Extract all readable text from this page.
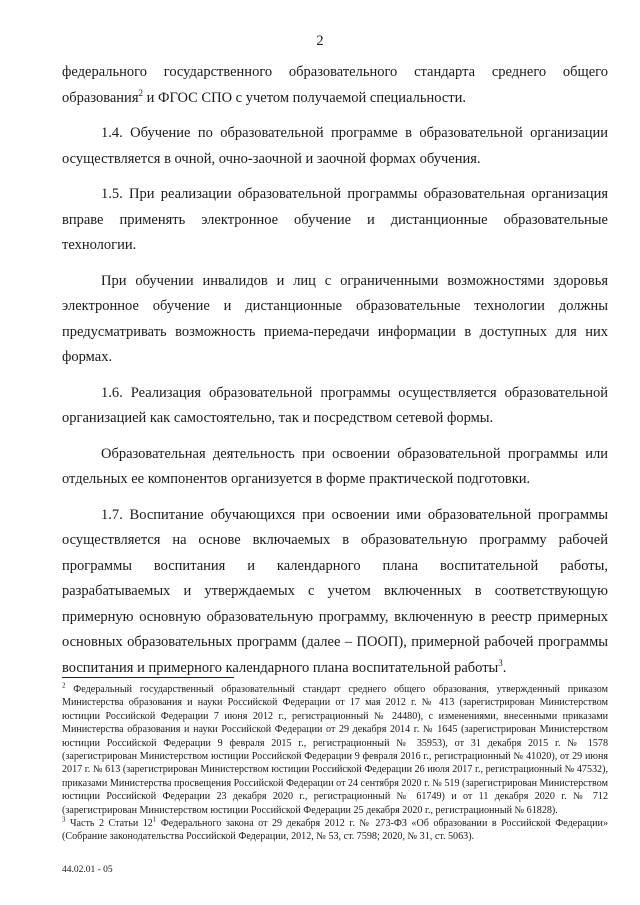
2

федерального государственного образовательного стандарта среднего общего образования$^2$ и ФГОС СПО с учетом получаемой специальности.

1.4. Обучение по образовательной программе в образовательной организации осуществляется в очной, очно-заочной и заочной формах обучения.

1.5. При реализации образовательной программы образовательная организация вправе применять электронное обучение и дистанционные образовательные технологии.

При обучении инвалидов и лиц с ограниченными возможностями здоровья электронное обучение и дистанционные образовательные технологии должны предусматривать возможность приема-передачи информации в доступных для них формах.

1.6. Реализация образовательной программы осуществляется образовательной организацией как самостоятельно, так и посредством сетевой формы.

Образовательная деятельность при освоении образовательной программы или отдельных ее компонентов организуется в форме практической подготовки.

1.7. Воспитание обучающихся при освоении ими образовательной программы осуществляется на основе включаемых в образовательную программу рабочей программы воспитания и календарного плана воспитательной работы, разрабатываемых и утверждаемых с учетом включенных в соответствующую примерную основную образовательную программу, включенную в реестр примерных основных образовательных программ (далее – ПООП), примерной рабочей программы воспитания и примерного календарного плана воспитательной работы$^3$.

$^2$ Федеральный государственный образовательный стандарт среднего общего образования, утвержденный приказом Министерства образования и науки Российской Федерации от 17 мая 2012 г. № 413 (зарегистрирован Министерством юстиции Российской Федерации 7 июня 2012 г., регистрационный № 24480), с изменениями, внесенными приказами Министерства образования и науки Российской Федерации от 29 декабря 2014 г. № 1645 (зарегистрирован Министерством юстиции Российской Федерации 9 февраля 2015 г., регистрационный № 35953), от 31 декабря 2015 г. № 1578 (зарегистрирован Министерством юстиции Российской Федерации 9 февраля 2016 г., регистрационный № 41020), от 29 июня 2017 г. № 613 (зарегистрирован Министерством юстиции Российской Федерации 26 июля 2017 г., регистрационный № 47532), приказами Министерства просвещения Российской Федерации от 24 сентября 2020 г. № 519 (зарегистрирован Министерством юстиции Российской Федерации 23 декабря 2020 г., регистрационный № 61749) и от 11 декабря 2020 г. № 712 (зарегистрирован Министерством юстиции Российской Федерации 25 декабря 2020 г., регистрационный № 61828).

$^3$ Часть 2 Статьи $12^1$ Федерального закона от 29 декабря 2012 г. № 273-ФЗ «Об образовании в Российской Федерации» (Собрание законодательства Российской Федерации, 2012, № 53, ст. 7598; 2020, № 31, ст. 5063).

44.02.01 - 05
